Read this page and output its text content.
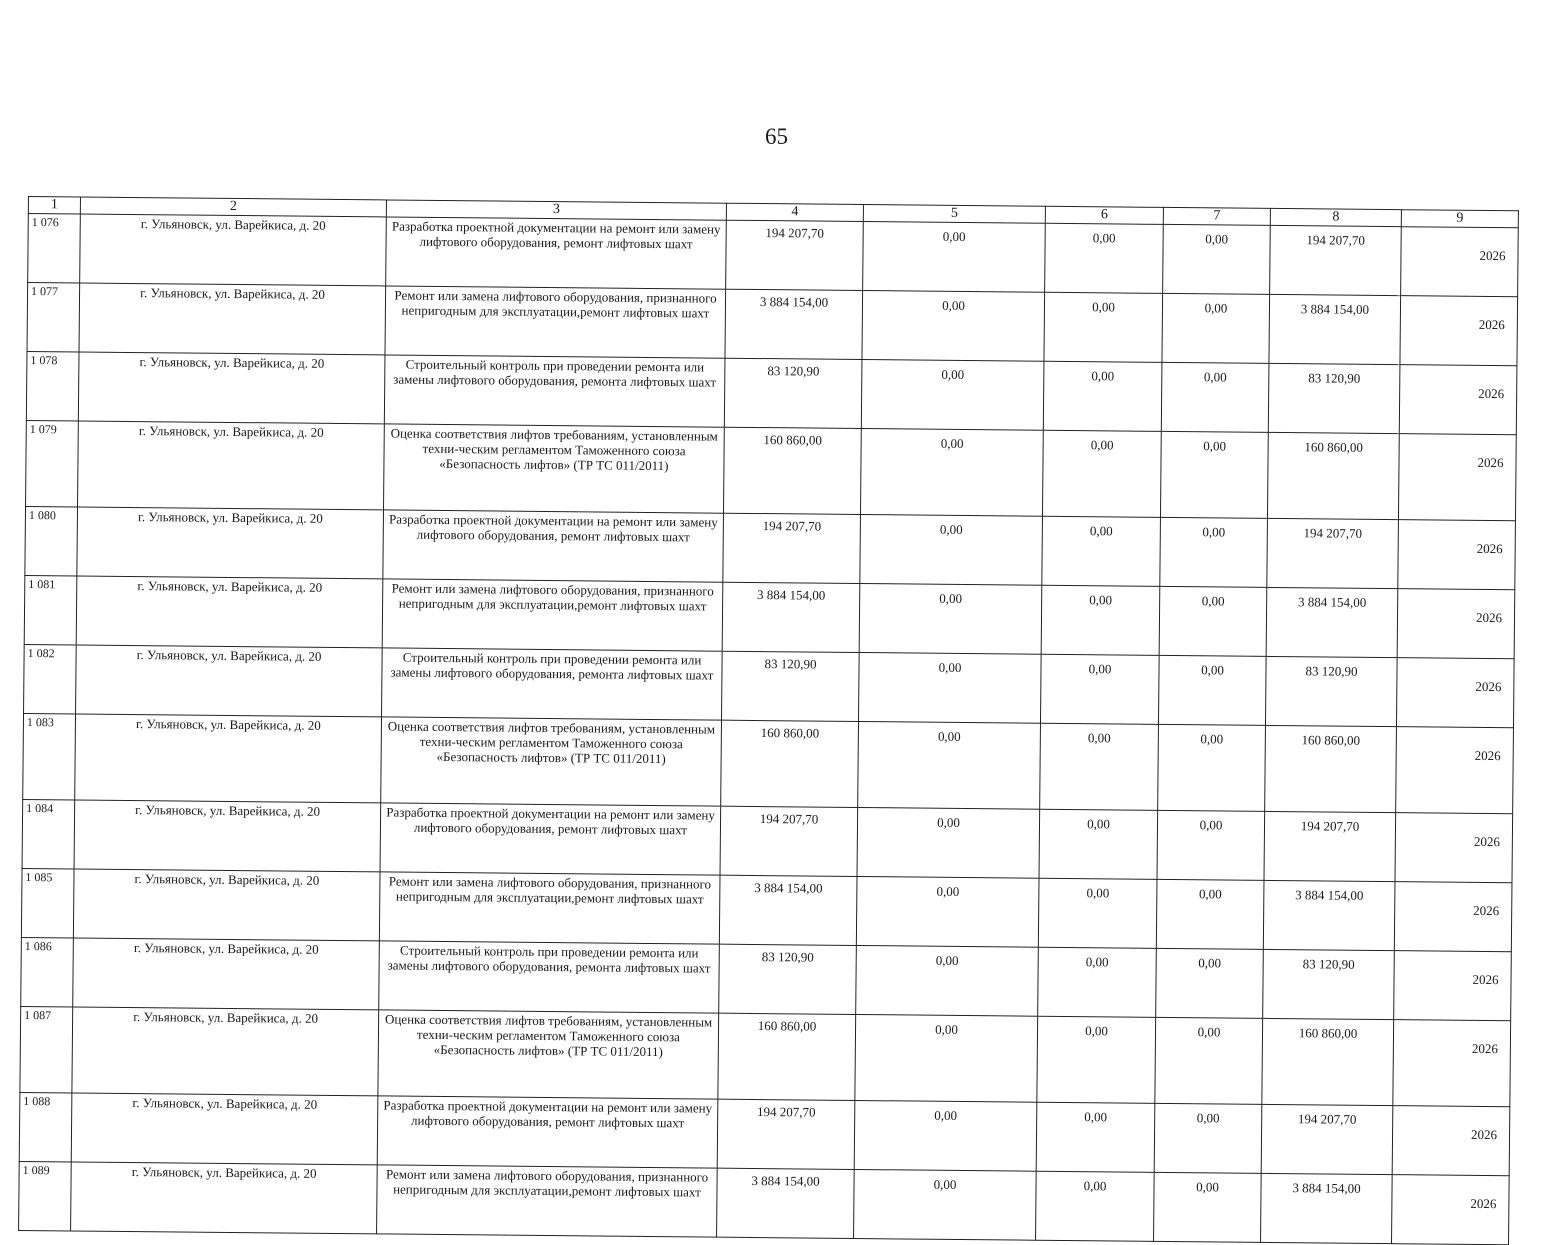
65
1	2	3	4	5	6	7	8	9
1 076	г. Ульяновск, ул. Варейкиса, д. 20	Разработка проектной документации на ремонт или замену лифтового оборудования, ремонт лифтовых шахт	194 207,70	0,00	0,00	0,00	194 207,70	2026
1 077	г. Ульяновск, ул. Варейкиса, д. 20	Ремонт или замена лифтового оборудования, признанного непригодным для эксплуатации,ремонт лифтовых шахт	3 884 154,00	0,00	0,00	0,00	3 884 154,00	2026
1 078	г. Ульяновск, ул. Варейкиса, д. 20	Строительный контроль при проведении ремонта или замены лифтового оборудования, ремонта лифтовых шахт	83 120,90	0,00	0,00	0,00	83 120,90	2026
1 079	г. Ульяновск, ул. Варейкиса, д. 20	Оценка соответствия лифтов требованиям, установленным техни-ческим регламентом Таможенного союза «Безопасность лифтов» (ТР ТС 011/2011)	160 860,00	0,00	0,00	0,00	160 860,00	2026
1 080	г. Ульяновск, ул. Варейкиса, д. 20	Разработка проектной документации на ремонт или замену лифтового оборудования, ремонт лифтовых шахт	194 207,70	0,00	0,00	0,00	194 207,70	2026
1 081	г. Ульяновск, ул. Варейкиса, д. 20	Ремонт или замена лифтового оборудования, признанного непригодным для эксплуатации,ремонт лифтовых шахт	3 884 154,00	0,00	0,00	0,00	3 884 154,00	2026
1 082	г. Ульяновск, ул. Варейкиса, д. 20	Строительный контроль при проведении ремонта или замены лифтового оборудования, ремонта лифтовых шахт	83 120,90	0,00	0,00	0,00	83 120,90	2026
1 083	г. Ульяновск, ул. Варейкиса, д. 20	Оценка соответствия лифтов требованиям, установленным техни-ческим регламентом Таможенного союза «Безопасность лифтов» (ТР ТС 011/2011)	160 860,00	0,00	0,00	0,00	160 860,00	2026
1 084	г. Ульяновск, ул. Варейкиса, д. 20	Разработка проектной документации на ремонт или замену лифтового оборудования, ремонт лифтовых шахт	194 207,70	0,00	0,00	0,00	194 207,70	2026
1 085	г. Ульяновск, ул. Варейкиса, д. 20	Ремонт или замена лифтового оборудования, признанного непригодным для эксплуатации,ремонт лифтовых шахт	3 884 154,00	0,00	0,00	0,00	3 884 154,00	2026
1 086	г. Ульяновск, ул. Варейкиса, д. 20	Строительный контроль при проведении ремонта или замены лифтового оборудования, ремонта лифтовых шахт	83 120,90	0,00	0,00	0,00	83 120,90	2026
1 087	г. Ульяновск, ул. Варейкиса, д. 20	Оценка соответствия лифтов требованиям, установленным техни-ческим регламентом Таможенного союза «Безопасность лифтов» (ТР ТС 011/2011)	160 860,00	0,00	0,00	0,00	160 860,00	2026
1 088	г. Ульяновск, ул. Варейкиса, д. 20	Разработка проектной документации на ремонт или замену лифтового оборудования, ремонт лифтовых шахт	194 207,70	0,00	0,00	0,00	194 207,70	2026
1 089	г. Ульяновск, ул. Варейкиса, д. 20	Ремонт или замена лифтового оборудования, признанного непригодным для эксплуатации,ремонт лифтовых шахт	3 884 154,00	0,00	0,00	0,00	3 884 154,00	2026
